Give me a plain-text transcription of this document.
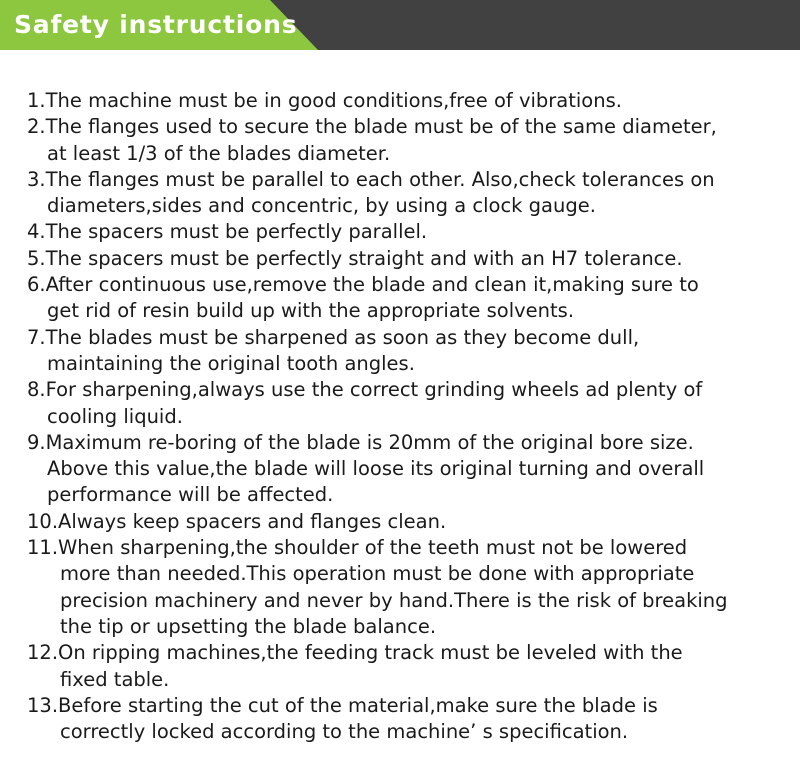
Safety instructions
1.The machine must be in good conditions,free of vibrations.
2.The flanges used to secure the blade must be of the same diameter,
at least 1/3 of the blades diameter.
3.The flanges must be parallel to each other. Also,check tolerances on
diameters,sides and concentric, by using a clock gauge.
4.The spacers must be perfectly parallel.
5.The spacers must be perfectly straight and with an H7 tolerance.
6.After continuous use,remove the blade and clean it,making sure to
get rid of resin build up with the appropriate solvents.
7.The blades must be sharpened as soon as they become dull,
maintaining the original tooth angles.
8.For sharpening,always use the correct grinding wheels ad plenty of
cooling liquid.
9.Maximum re-boring of the blade is 20mm of the original bore size.
Above this value,the blade will loose its original turning and overall
performance will be affected.
10.Always keep spacers and flanges clean.
11.When sharpening,the shoulder of the teeth must not be lowered
more than needed.This operation must be done with appropriate
precision machinery and never by hand.There is the risk of breaking
the tip or upsetting the blade balance.
12.On ripping machines,the feeding track must be leveled with the
fixed table.
13.Before starting the cut of the material,make sure the blade is
correctly locked according to the machine’ s specification.
